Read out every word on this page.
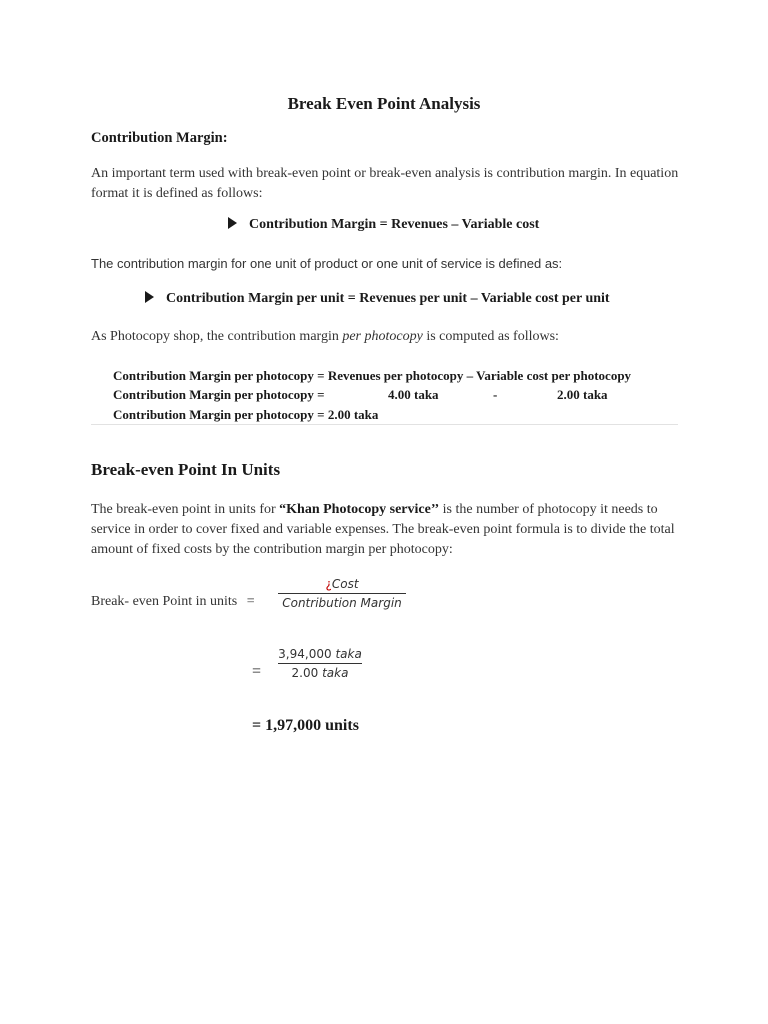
Break Even Point Analysis
Contribution Margin:
An important term used with break-even point or break-even analysis is contribution margin. In equation format it is defined as follows:
Contribution Margin = Revenues – Variable cost
The contribution margin for one unit of product or one unit of service is defined as:
Contribution Margin per unit = Revenues per unit – Variable cost per unit
As Photocopy shop, the contribution margin per photocopy is computed as follows:
Contribution Margin per photocopy = Revenues per photocopy – Variable cost per photocopy
Contribution Margin per photocopy =	4.00 taka	-	2.00 taka
Contribution Margin per photocopy = 2.00 taka
Break-even Point In Units
The break-even point in units for “Khan Photocopy service’’ is the number of photocopy it needs to service in order to cover fixed and variable expenses. The break-even point formula is to divide the total amount of fixed costs by the contribution margin per photocopy:
Break- even Point in units =
¿Cost
Contribution Margin
=
3,94,000 taka
2.00 taka
= 1,97,000 units
